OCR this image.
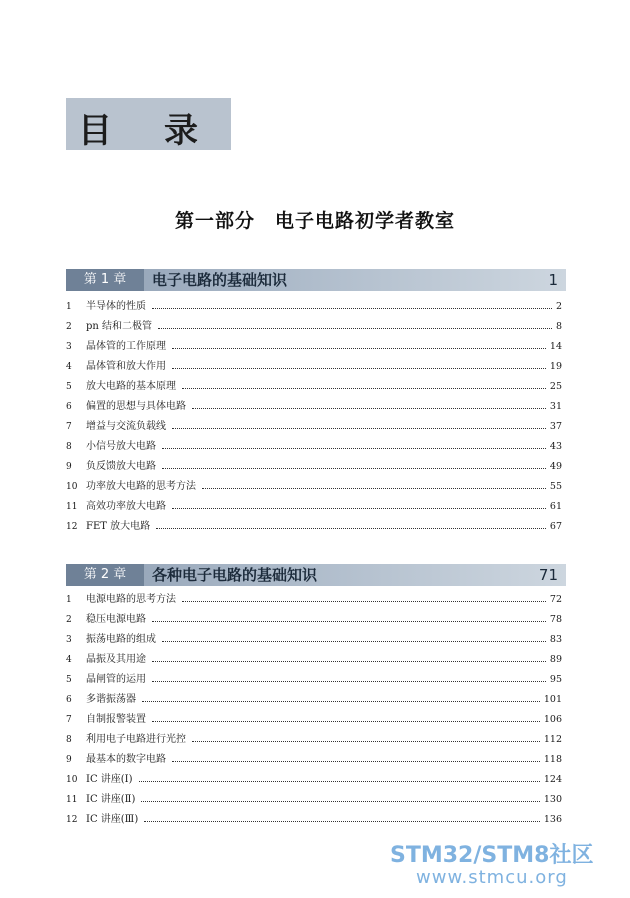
目录
第一部分　电子电路初学者教室
第 1 章	电子电路的基础知识	1
1	半导体的性质	2
2	pn 结和二极管	8
3	晶体管的工作原理	14
4	晶体管和放大作用	19
5	放大电路的基本原理	25
6	偏置的思想与具体电路	31
7	增益与交流负载线	37
8	小信号放大电路	43
9	负反馈放大电路	49
10 功率放大电路的思考方法	55
11 高效功率放大电路	61
12 FET 放大电路	67
第 2 章	各种电子电路的基础知识	71
1	电源电路的思考方法	72
2	稳压电源电路	78
3	振荡电路的组成	83
4	晶振及其用途	89
5	晶闸管的运用	95
6	多谐振荡器	101
7	自制报警装置	106
8	利用电子电路进行光控	112
9	最基本的数字电路	118
10 IC 讲座(Ⅰ)	124
11 IC 讲座(Ⅱ)	130
12 IC 讲座(Ⅲ)	136
STM32/STM8社区
www.stmcu.org
